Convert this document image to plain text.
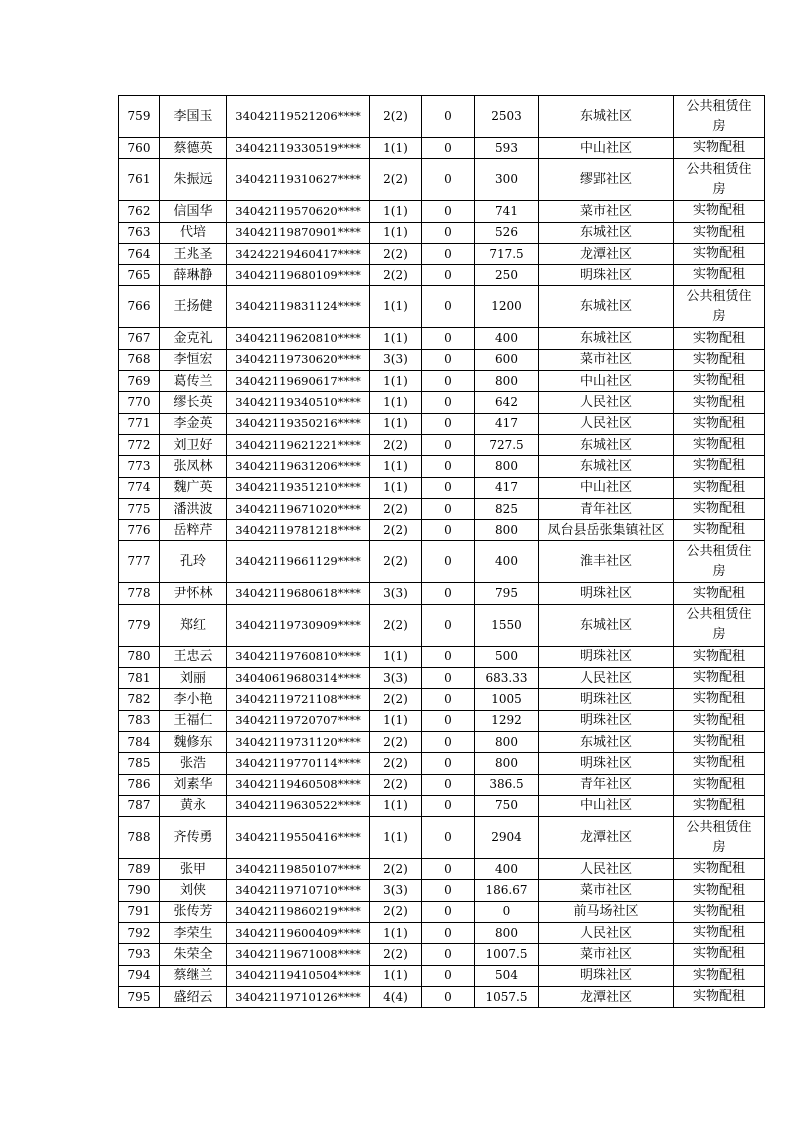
759	李国玉	34042119521206****	2(2)	0	2503	东城社区	公共租赁住
房
760	蔡德英	34042119330519****	1(1)	0	593	中山社区	实物配租
761	朱振远	34042119310627****	2(2)	0	300	缪郢社区	公共租赁住
房
762	信国华	34042119570620****	1(1)	0	741	菜市社区	实物配租
763	代培	34042119870901****	1(1)	0	526	东城社区	实物配租
764	王兆圣	34242219460417****	2(2)	0	717.5	龙潭社区	实物配租
765	薛琳静	34042119680109****	2(2)	0	250	明珠社区	实物配租
766	王扬健	34042119831124****	1(1)	0	1200	东城社区	公共租赁住
房
767	金克礼	34042119620810****	1(1)	0	400	东城社区	实物配租
768	李恒宏	34042119730620****	3(3)	0	600	菜市社区	实物配租
769	葛传兰	34042119690617****	1(1)	0	800	中山社区	实物配租
770	缪长英	34042119340510****	1(1)	0	642	人民社区	实物配租
771	李金英	34042119350216****	1(1)	0	417	人民社区	实物配租
772	刘卫好	34042119621221****	2(2)	0	727.5	东城社区	实物配租
773	张凤林	34042119631206****	1(1)	0	800	东城社区	实物配租
774	魏广英	34042119351210****	1(1)	0	417	中山社区	实物配租
775	潘洪波	34042119671020****	2(2)	0	825	青年社区	实物配租
776	岳粹芹	34042119781218****	2(2)	0	800	凤台县岳张集镇社区	实物配租
777	孔玲	34042119661129****	2(2)	0	400	淮丰社区	公共租赁住
房
778	尹怀林	34042119680618****	3(3)	0	795	明珠社区	实物配租
779	郑红	34042119730909****	2(2)	0	1550	东城社区	公共租赁住
房
780	王忠云	34042119760810****	1(1)	0	500	明珠社区	实物配租
781	刘丽	34040619680314****	3(3)	0	683.33	人民社区	实物配租
782	李小艳	34042119721108****	2(2)	0	1005	明珠社区	实物配租
783	王福仁	34042119720707****	1(1)	0	1292	明珠社区	实物配租
784	魏修东	34042119731120****	2(2)	0	800	东城社区	实物配租
785	张浩	34042119770114****	2(2)	0	800	明珠社区	实物配租
786	刘素华	34042119460508****	2(2)	0	386.5	青年社区	实物配租
787	黄永	34042119630522****	1(1)	0	750	中山社区	实物配租
788	齐传勇	34042119550416****	1(1)	0	2904	龙潭社区	公共租赁住
房
789	张甲	34042119850107****	2(2)	0	400	人民社区	实物配租
790	刘侠	34042119710710****	3(3)	0	186.67	菜市社区	实物配租
791	张传芳	34042119860219****	2(2)	0	0	前马场社区	实物配租
792	李荣生	34042119600409****	1(1)	0	800	人民社区	实物配租
793	朱荣全	34042119671008****	2(2)	0	1007.5	菜市社区	实物配租
794	蔡继兰	34042119410504****	1(1)	0	504	明珠社区	实物配租
795	盛绍云	34042119710126****	4(4)	0	1057.5	龙潭社区	实物配租
